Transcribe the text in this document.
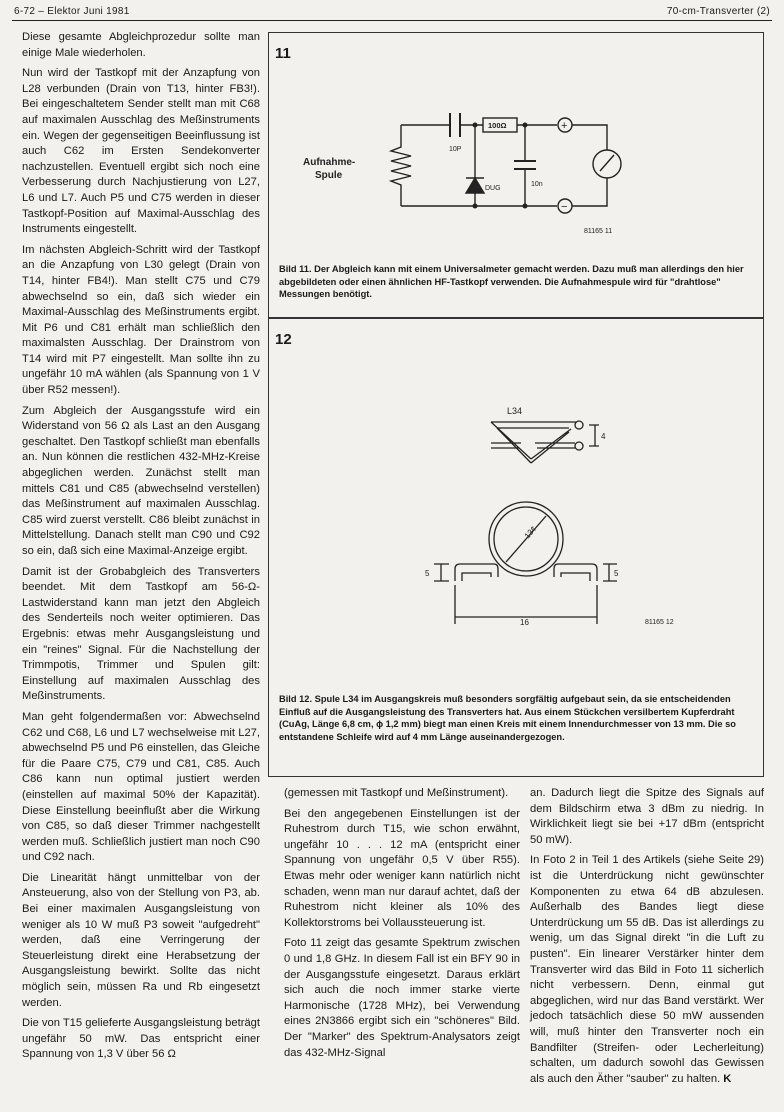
6-72 – Elektor Juni 1981	70-cm-Transverter (2)

Diese gesamte Abgleichprozedur sollte man einige Male wiederholen.

Nun wird der Tastkopf mit der Anzapfung von L28 verbunden (Drain von T13, hinter FB3!). Bei eingeschaltetem Sender stellt man mit C68 auf maximalen Ausschlag des Meßinstruments ein. Wegen der gegenseitigen Beeinflussung ist auch C62 im Ersten Sendekonverter nachzustellen. Eventuell ergibt sich noch eine Verbesserung durch Nachjustierung von L27, L6 und L7. Auch P5 und C75 werden in dieser Tastkopf-Position auf Maximal-Ausschlag des Instruments eingestellt.

Im nächsten Abgleich-Schritt wird der Tastkopf an die Anzapfung von L30 gelegt (Drain von T14, hinter FB4!). Man stellt C75 und C79 abwechselnd so ein, daß sich wieder ein Maximal-Ausschlag des Meßinstruments ergibt. Mit P6 und C81 erhält man schließlich den maximalsten Ausschlag. Der Drainstrom von T14 wird mit P7 eingestellt. Man sollte ihn zu ungefähr 10 mA wählen (als Spannung von 1 V über R52 messen!).

Zum Abgleich der Ausgangsstufe wird ein Widerstand von 56 Ω als Last an den Ausgang geschaltet. Den Tastkopf schließt man ebenfalls an. Nun können die restlichen 432-MHz-Kreise abgeglichen werden. Zunächst stellt man mittels C81 und C85 (abwechselnd verstellen) das Meßinstrument auf maximalen Ausschlag. C85 wird zuerst verstellt. C86 bleibt zunächst in Mittelstellung. Danach stellt man C90 und C92 so ein, daß sich eine Maximal-Anzeige ergibt.

Damit ist der Grobabgleich des Transverters beendet. Mit dem Tastkopf am 56-Ω-Lastwiderstand kann man jetzt den Abgleich des Senderteils noch weiter optimieren. Das Ergebnis: etwas mehr Ausgangsleistung und ein "reines" Signal. Für die Nachstellung der Trimmpotis, Trimmer und Spulen gilt: Einstellung auf maximalen Ausschlag des Meßinstruments.

Man geht folgendermaßen vor: Abwechselnd C62 und C68, L6 und L7 wechselweise mit L27, abwechselnd P5 und P6 einstellen, das Gleiche für die Paare C75, C79 und C81, C85. Auch C86 kann nun optimal justiert werden (einstellen auf maximal 50% der Kapazität). Diese Einstellung beeinflußt aber die Wirkung von C85, so daß dieser Trimmer nachgestellt werden muß. Schließlich justiert man noch C90 und C92 nach.

Die Linearität hängt unmittelbar von der Ansteuerung, also von der Stellung von P3, ab. Bei einer maximalen Ausgangsleistung von weniger als 10 W muß P3 soweit "aufgedreht" werden, daß eine Verringerung der Steuerleistung direkt eine Herabsetzung der Ausgangsleistung bewirkt. Sollte das nicht möglich sein, müssen Ra und Rb eingesetzt werden.

Die von T15 gelieferte Ausgangsleistung beträgt ungefähr 50 mW. Das entspricht einer Spannung von 1,3 V über 56 Ω

11
Aufnahme-
Spule
10P
100Ω
DUG
10n
+
−
81165 11
Bild 11. Der Abgleich kann mit einem Universalmeter gemacht werden. Dazu muß man allerdings den hier abgebildeten oder einen ähnlichen HF-Tastkopf verwenden. Die Aufnahmespule wird für "drahtlose" Messungen benötigt.
12
L34
4
13¢
5	5
16	81165 12
Bild 12. Spule L34 im Ausgangskreis muß besonders sorgfältig aufgebaut sein, da sie entscheidenden Einfluß auf die Ausgangsleistung des Transverters hat. Aus einem Stückchen versilbertem Kupferdraht (CuAg, Länge 6,8 cm, ϕ 1,2 mm) biegt man einen Kreis mit einem Innendurchmesser von 13 mm. Die so entstandene Schleife wird auf 4 mm Länge auseinandergezogen.

(gemessen mit Tastkopf und Meßinstrument).

Bei den angegebenen Einstellungen ist der Ruhestrom durch T15, wie schon erwähnt, ungefähr 10 . . . 12 mA (entspricht einer Spannung von ungefähr 0,5 V über R55). Etwas mehr oder weniger kann natürlich nicht schaden, wenn man nur darauf achtet, daß der Ruhestrom nicht kleiner als 10% des Kollektorstroms bei Vollaussteuerung ist.

Foto 11 zeigt das gesamte Spektrum zwischen 0 und 1,8 GHz. In diesem Fall ist ein BFY 90 in der Ausgangsstufe eingesetzt. Daraus erklärt sich auch die noch immer starke vierte Harmonische (1728 MHz), bei Verwendung eines 2N3866 ergibt sich ein "schöneres" Bild. Der "Marker" des Spektrum-Analysators zeigt das 432-MHz-Signal

an. Dadurch liegt die Spitze des Signals auf dem Bildschirm etwa 3 dBm zu niedrig. In Wirklichkeit liegt sie bei +17 dBm (entspricht 50 mW).

In Foto 2 in Teil 1 des Artikels (siehe Seite 29) ist die Unterdrückung nicht gewünschter Komponenten zu etwa 64 dB abzulesen. Außerhalb des Bandes liegt diese Unterdrückung um 55 dB. Das ist allerdings zu wenig, um das Signal direkt "in die Luft zu pusten". Ein linearer Verstärker hinter dem Transverter wird das Bild in Foto 11 sicherlich nicht verbessern. Denn, einmal gut abgeglichen, wird nur das Band verstärkt. Wer jedoch tatsächlich diese 50 mW aussenden will, muß hinter den Transverter noch ein Bandfilter (Streifen- oder Lecherleitung) schalten, um dadurch sowohl das Gewissen als auch den Äther "sauber" zu halten. K
